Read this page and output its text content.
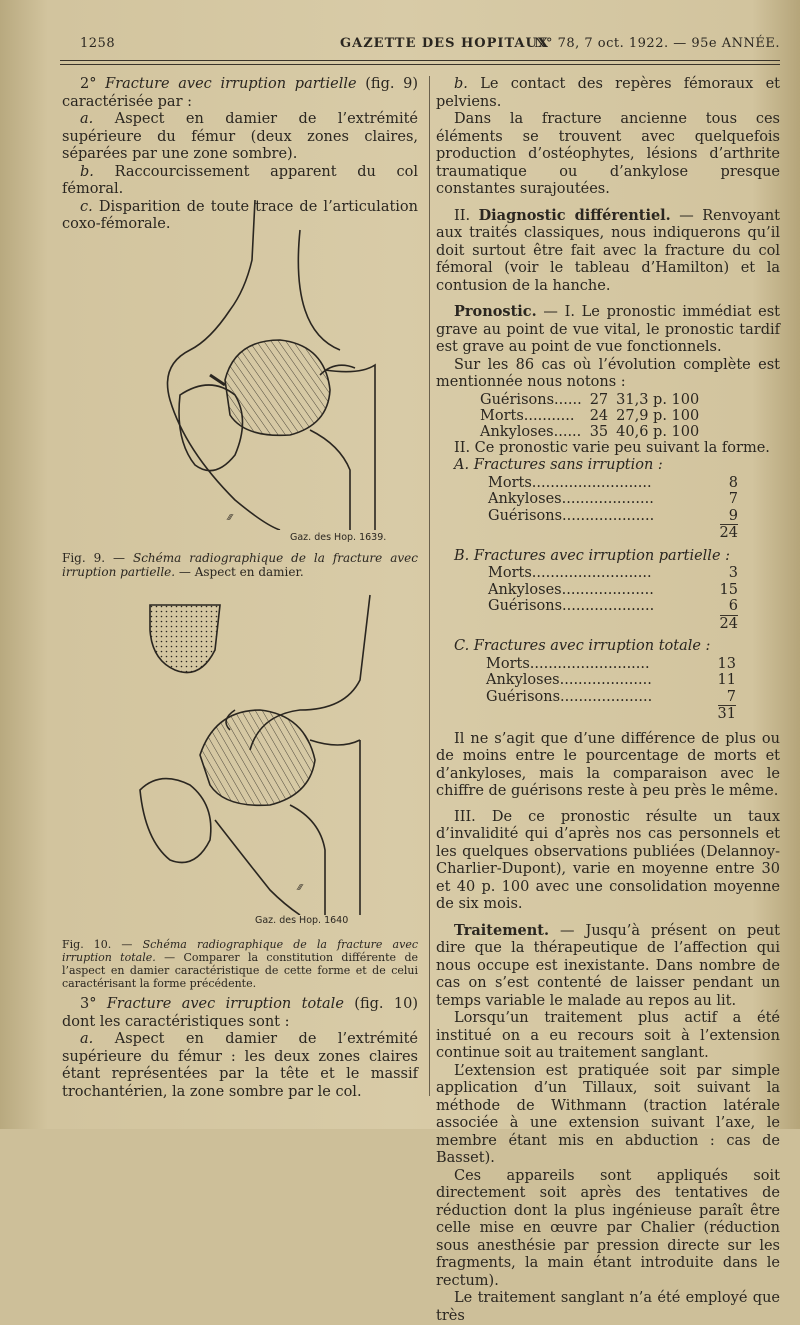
1258	GAZETTE DES HOPITAUX
N° 78, 7 oct. 1922. — 95e ANNÉE.

2° Fracture avec irruption partielle (fig. 9) caractérisée par :

a. Aspect en damier de l’extrémité supérieure du fémur (deux zones claires, séparées par une zone sombre).

b. Raccourcissement apparent du col fémoral.

c. Disparition de toute trace de l’articulation coxo-fémorale.

⁄⁄⁄
Gaz. des Hop. 1639.
Fig. 9. — Schéma radiographique de la fracture avec irruption partielle. — Aspect en damier.
⁄⁄⁄
Gaz. des Hop. 1640
Fig. 10. — Schéma radiographique de la fracture avec irruption totale. — Comparer la constitution différente de l’aspect en damier caractéristique de cette forme et de celui caractérisant la forme précédente.

3° Fracture avec irruption totale (fig. 10) dont les caractéristiques sont :

a. Aspect en damier de l’extrémité supérieure du fémur : les deux zones claires étant représentées par la tête et le massif trochantérien, la zone sombre par le col.

b. Le contact des repères fémoraux et pelviens.

Dans la fracture ancienne tous ces éléments se trouvent avec quelquefois production d’ostéophytes, lésions d’arthrite traumatique ou d’ankylose presque constantes surajoutées.

II. Diagnostic différentiel. — Renvoyant aux traités classiques, nous indiquerons qu’il doit surtout être fait avec la fracture du col fémoral (voir le tableau d’Hamilton) et la contusion de la hanche.

Pronostic. — I. Le pronostic immédiat est grave au point de vue vital, le pronostic tardif est grave au point de vue fonctionnels.

Sur les 86 cas où l’évolution complète est mentionnée nous notons :

Guérisons......	27	31,3 p. 100
Morts...........	24	27,9 p. 100
Ankyloses......	35	40,6 p. 100

II. Ce pronostic varie peu suivant la forme.

A. Fractures sans irruption :

Morts..........................	8
Ankyloses....................	7
Guérisons....................	9
24

B. Fractures avec irruption partielle :

Morts..........................	3
Ankyloses....................	15
Guérisons....................	6
24

C. Fractures avec irruption totale :

Morts..........................	13
Ankyloses....................	11
Guérisons....................	7
31

Il ne s’agit que d’une différence de plus ou de moins entre le pourcentage de morts et d’ankyloses, mais la comparaison avec le chiffre de guérisons reste à peu près le même.

III. De ce pronostic résulte un taux d’invalidité qui d’après nos cas personnels et les quelques observations publiées (Delannoy-Charlier-Dupont), varie en moyenne entre 30 et 40 p. 100 avec une consolidation moyenne de six mois.

Traitement. — Jusqu’à présent on peut dire que la thérapeutique de l’affection qui nous occupe est inexistante. Dans nombre de cas on s’est contenté de laisser pendant un temps variable le malade au repos au lit.

Lorsqu’un traitement plus actif a été institué on a eu recours soit à l’extension continue soit au traitement sanglant.

L’extension est pratiquée soit par simple application d’un Tillaux, soit suivant la méthode de Withmann (traction latérale associée à une extension suivant l’axe, le membre étant mis en abduction : cas de Basset).

Ces appareils sont appliqués soit directement soit après des tentatives de réduction dont la plus ingénieuse paraît être celle mise en œuvre par Chalier (réduction sous anesthésie par pression directe sur les fragments, la main étant introduite dans le rectum).

Le traitement sanglant n’a été employé que très
